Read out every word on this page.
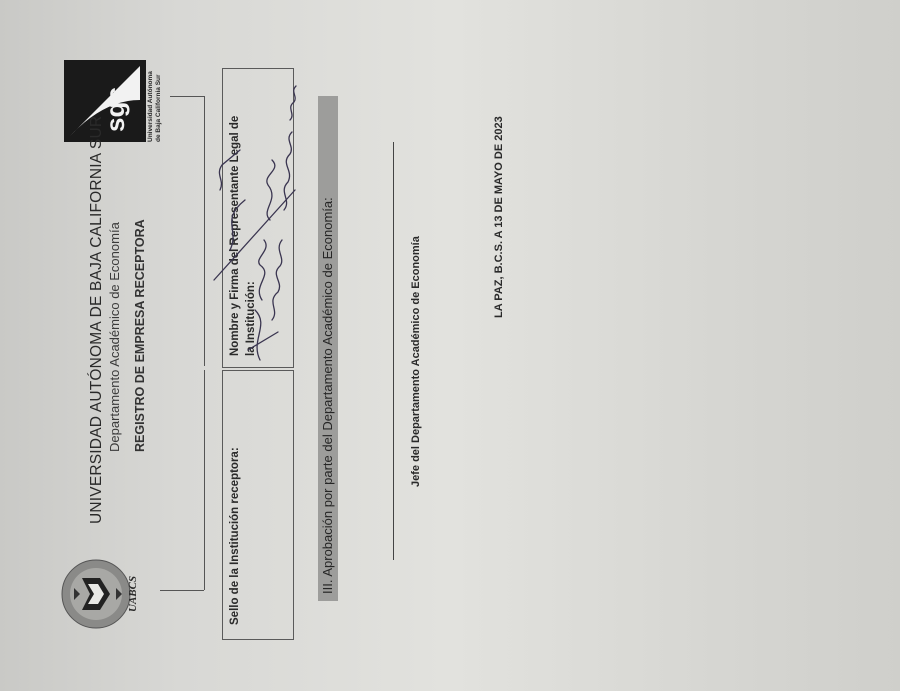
sgc	Universidad Autónoma de Baja California Sur
UABCS
UNIVERSIDAD AUTÓNOMA DE BAJA CALIFORNIA SUR Departamento Académico de Economía REGISTRO DE EMPRESA RECEPTORA
Sello de la Institución receptora:
Nombre y Firma del Representante Legal de la Institución:	III. Aprobación por parte del Departamento Académico de Economía:	Jefe del Departamento Académico de Economía
LA PAZ, B.C.S. A 13 DE MAYO DE 2023
